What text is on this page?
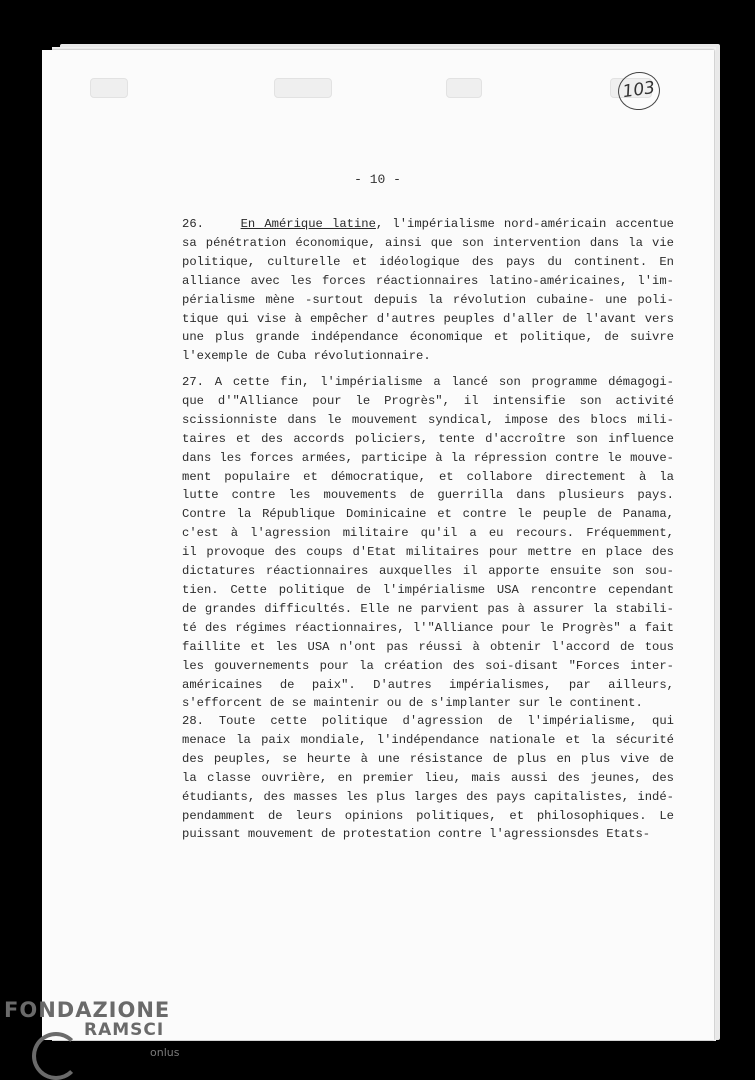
103
- 10 -
26.	En Amérique latine, l'impérialisme nord-américain accentue
sa pénétration économique, ainsi que son intervention dans la vie
politique, culturelle et idéologique des pays du continent. En
alliance avec les forces réactionnaires latino-américaines, l'im-
périalisme mène -surtout depuis la révolution cubaine- une poli-
tique qui vise à empêcher d'autres peuples d'aller de l'avant vers
une plus grande indépendance économique et politique, de suivre
l'exemple de Cuba révolutionnaire.
27. A cette fin, l'impérialisme a lancé son programme démagogi-
que d'"Alliance pour le Progrès", il intensifie son activité
scissionniste dans le mouvement syndical, impose des blocs mili-
taires et des accords policiers, tente d'accroître son influence
dans les forces armées, participe à la répression contre le mouve-
ment populaire et démocratique, et collabore directement à la
lutte contre les mouvements de guerrilla dans plusieurs pays.
Contre la République Dominicaine et contre le peuple de Panama,
c'est à l'agression militaire qu'il a eu recours. Fréquemment,
il provoque des coups d'Etat militaires pour mettre en place des
dictatures réactionnaires auxquelles il apporte ensuite son sou-
tien. Cette politique de l'impérialisme USA rencontre cependant
de grandes difficultés. Elle ne parvient pas à assurer la stabili-
té des régimes réactionnaires, l'"Alliance pour le Progrès" a fait
faillite et les USA n'ont pas réussi à obtenir l'accord de tous
les gouvernements pour la création des soi-disant "Forces inter-
américaines de paix". D'autres impérialismes, par ailleurs,
s'efforcent de se maintenir ou de s'implanter sur le continent.
28. Toute cette politique d'agression de l'impérialisme, qui
menace la paix mondiale, l'indépendance nationale et la sécurité
des peuples, se heurte à une résistance de plus en plus vive de
la classe ouvrière, en premier lieu, mais aussi des jeunes, des
étudiants, des masses les plus larges des pays capitalistes, indé-
pendamment de leurs opinions politiques, et philosophiques. Le
puissant mouvement de protestation contre l'agressionsdes Etats-
FONDAZIONE
RAMSCI
onlus
